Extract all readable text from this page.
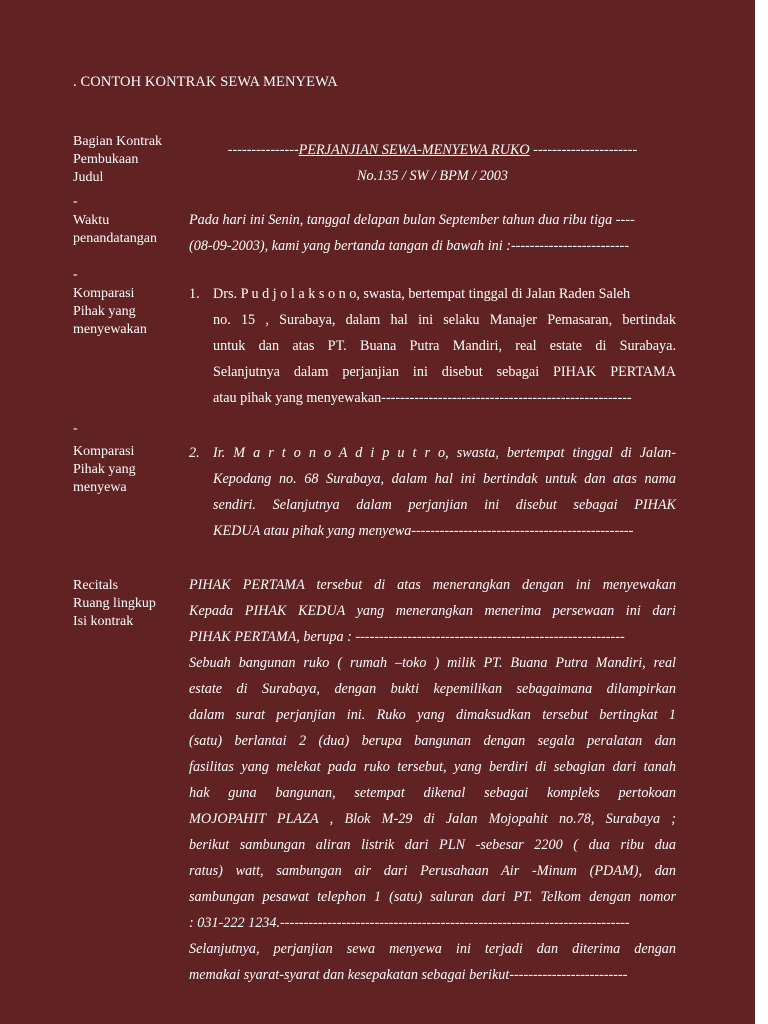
. CONTOH KONTRAK SEWA MENYEWA
Bagian Kontrak
Pembukaan
Judul
---------------PERJANJIAN SEWA-MENYEWA RUKO ----------------------
No.135 / SW / BPM / 2003
-
Waktu
penandatangan
Pada hari ini Senin, tanggal delapan bulan September tahun dua ribu tiga ----
(08-09-2003), kami yang bertanda tangan di bawah ini :-------------------------
-
Komparasi
Pihak yang
menyewakan
1. Drs. P u d j o l a k s o n o, swasta, bertempat tinggal di Jalan Raden Saleh
no. 15 , Surabaya, dalam hal ini selaku Manajer Pemasaran, bertindak
untuk dan atas PT. Buana Putra Mandiri, real estate di Surabaya.
Selanjutnya dalam perjanjian ini disebut sebagai PIHAK PERTAMA
atau pihak yang menyewakan-----------------------------------------------------
-
Komparasi
Pihak yang
menyewa
2. Ir. M a r t o n o A d i p u t r o, swasta, bertempat tinggal di Jalan-
Kepodang no. 68 Surabaya, dalam hal ini bertindak untuk dan atas nama
sendiri. Selanjutnya dalam perjanjian ini disebut sebagai PIHAK
KEDUA atau pihak yang menyewa-----------------------------------------------
Recitals
Ruang lingkup
Isi kontrak
PIHAK PERTAMA tersebut di atas menerangkan dengan ini menyewakan
Kepada PIHAK KEDUA yang menerangkan menerima persewaan ini dari
PIHAK PERTAMA, berupa : ---------------------------------------------------------
Sebuah bangunan ruko ( rumah –toko ) milik PT. Buana Putra Mandiri, real
estate di Surabaya, dengan bukti kepemilikan sebagaimana dilampirkan
dalam surat perjanjian ini. Ruko yang dimaksudkan tersebut bertingkat 1
(satu) berlantai 2 (dua) berupa bangunan dengan segala peralatan dan
fasilitas yang melekat pada ruko tersebut, yang berdiri di sebagian dari tanah
hak guna bangunan, setempat dikenal sebagai kompleks pertokoan
MOJOPAHIT PLAZA , Blok M-29 di Jalan Mojopahit no.78, Surabaya ;
berikut sambungan aliran listrik dari PLN -sebesar 2200 ( dua ribu dua
ratus) watt, sambungan air dari Perusahaan Air -Minum (PDAM), dan
sambungan pesawat telephon 1 (satu) saluran dari PT. Telkom dengan nomor
: 031-222 1234.--------------------------------------------------------------------------
Selanjutnya, perjanjian sewa menyewa ini terjadi dan diterima dengan
memakai syarat-syarat dan kesepakatan sebagai berikut-------------------------
